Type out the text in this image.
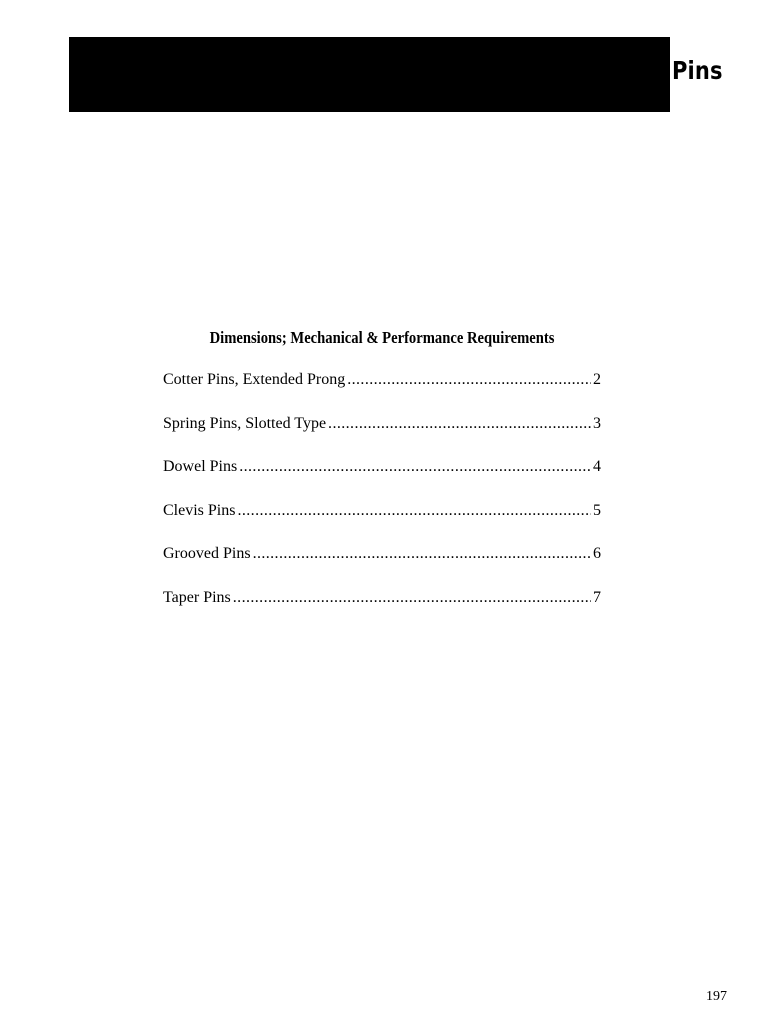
Pins
Dimensions; Mechanical & Performance Requirements
Cotter Pins, Extended Prong .....	2
Spring Pins, Slotted Type .....	3
Dowel Pins .....	4
Clevis Pins .....	5
Grooved Pins .....	6
Taper Pins .....	7
197
